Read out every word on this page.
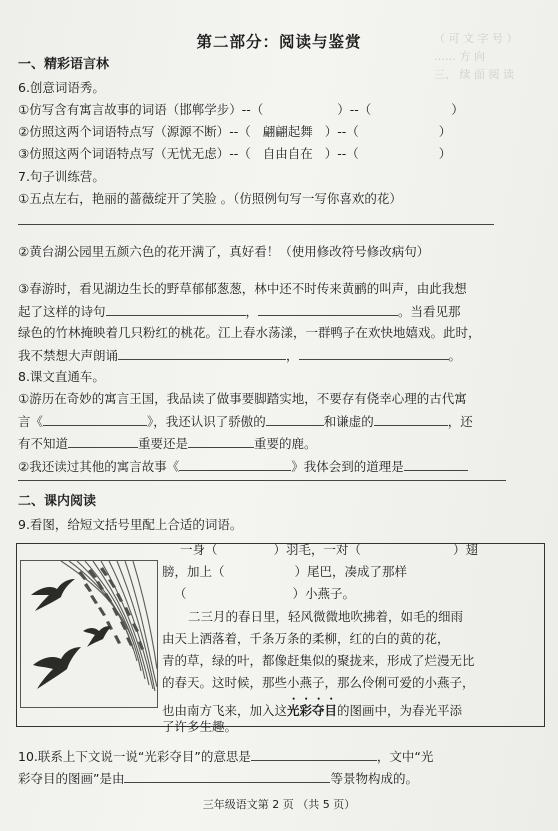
（ 可 文 字 号 ）
…… 方 向
三、 续 面 阅 读
第二部分：阅读与鉴赏
一、精彩语言林
6.创意词语秀。
①仿写含有寓言故事的词语（邯郸学步）--（	）--（	）
②仿照这两个词语特点写（源源不断）--（ 翩翩起舞 ）--（	）
③仿照这两个词语特点写（无忧无虑）--（ 自由自在 ）--（	）
7.句子训练营。
①五点左右，艳丽的蔷薇绽开了笑脸 。（仿照例句写一写你喜欢的花）
②黄台湖公园里五颜六色的花开满了，真好看！（使用修改符号修改病句）
③春游时，看见湖边生长的野草郁郁葱葱，林中还不时传来黄鹂的叫声，由此我想
起了这样的诗句	，	。当看见那
绿色的竹林掩映着几只粉红的桃花。江上春水荡漾，一群鸭子在欢快地嬉戏。此时，
我不禁想大声朗诵	，	。
8.课文直通车。
①游历在奇妙的寓言王国，我品读了做事要脚踏实地，不要存有侥幸心理的古代寓
言《	》，我还认识了骄傲的	和谦虚的	，还
有不知道	重要还是	重要的鹿。
②我还读过其他的寓言故事《	》我体会到的道理是
二、课内阅读
9.看图，给短文括号里配上合适的词语。
一身（	）羽毛，一对（	）翅
膀，加上（	）尾巴，凑成了那样
（	）小燕子。
二三月的春日里，轻风微微地吹拂着，如毛的细雨
由天上洒落着，千条万条的柔柳，红的白的黄的花，
青的草，绿的叶，都像赶集似的聚拢来，形成了烂漫无比
的春天。这时候，那些小燕子，那么伶俐可爱的小燕子，
也由南方飞来，加入这光彩夺目的图画中，为春光平添
了许多生趣。
10.联系上下文说一说“光彩夺目”的意思是	，文中“光
彩夺目的图画”是由	等景物构成的。
三年级语文第 2 页 （共 5 页）
